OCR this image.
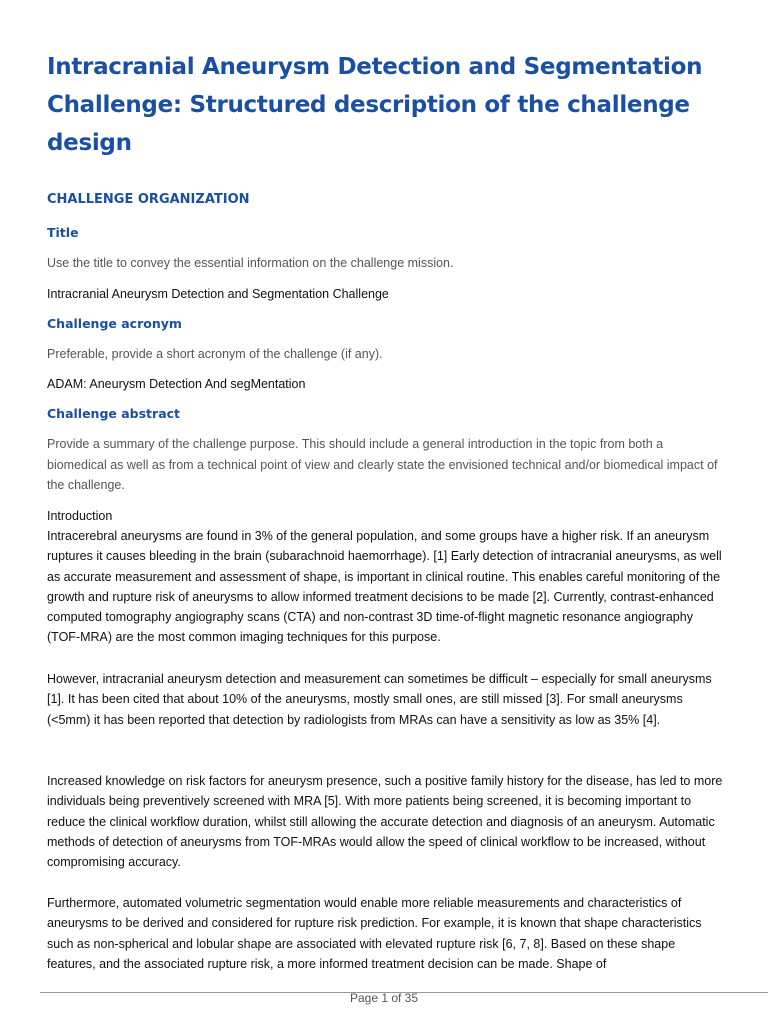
Intracranial Aneurysm Detection and Segmentation Challenge: Structured description of the challenge design
CHALLENGE ORGANIZATION
Title

Use the title to convey the essential information on the challenge mission.

Intracranial Aneurysm Detection and Segmentation Challenge

Challenge acronym

Preferable, provide a short acronym of the challenge (if any).

ADAM: Aneurysm Detection And segMentation

Challenge abstract

Provide a summary of the challenge purpose. This should include a general introduction in the topic from both a biomedical as well as from a technical point of view and clearly state the envisioned technical and/or biomedical impact of the challenge.

Introduction

Intracerebral aneurysms are found in 3% of the general population, and some groups have a higher risk. If an aneurysm ruptures it causes bleeding in the brain (subarachnoid haemorrhage). [1] Early detection of intracranial aneurysms, as well as accurate measurement and assessment of shape, is important in clinical routine. This enables careful monitoring of the growth and rupture risk of aneurysms to allow informed treatment decisions to be made [2]. Currently, contrast-enhanced computed tomography angiography scans (CTA) and non-contrast 3D time-of-flight magnetic resonance angiography (TOF-MRA) are the most common imaging techniques for this purpose.

However, intracranial aneurysm detection and measurement can sometimes be difficult – especially for small aneurysms [1]. It has been cited that about 10% of the aneurysms, mostly small ones, are still missed [3]. For small aneurysms (<5mm) it has been reported that detection by radiologists from MRAs can have a sensitivity as low as 35% [4].

Increased knowledge on risk factors for aneurysm presence, such a positive family history for the disease, has led to more individuals being preventively screened with MRA [5]. With more patients being screened, it is becoming important to reduce the clinical workflow duration, whilst still allowing the accurate detection and diagnosis of an aneurysm. Automatic methods of detection of aneurysms from TOF-MRAs would allow the speed of clinical workflow to be increased, without compromising accuracy.

Furthermore, automated volumetric segmentation would enable more reliable measurements and characteristics of aneurysms to be derived and considered for rupture risk prediction. For example, it is known that shape characteristics such as non-spherical and lobular shape are associated with elevated rupture risk [6, 7, 8]. Based on these shape features, and the associated rupture risk, a more informed treatment decision can be made. Shape of

Page 1 of 35
